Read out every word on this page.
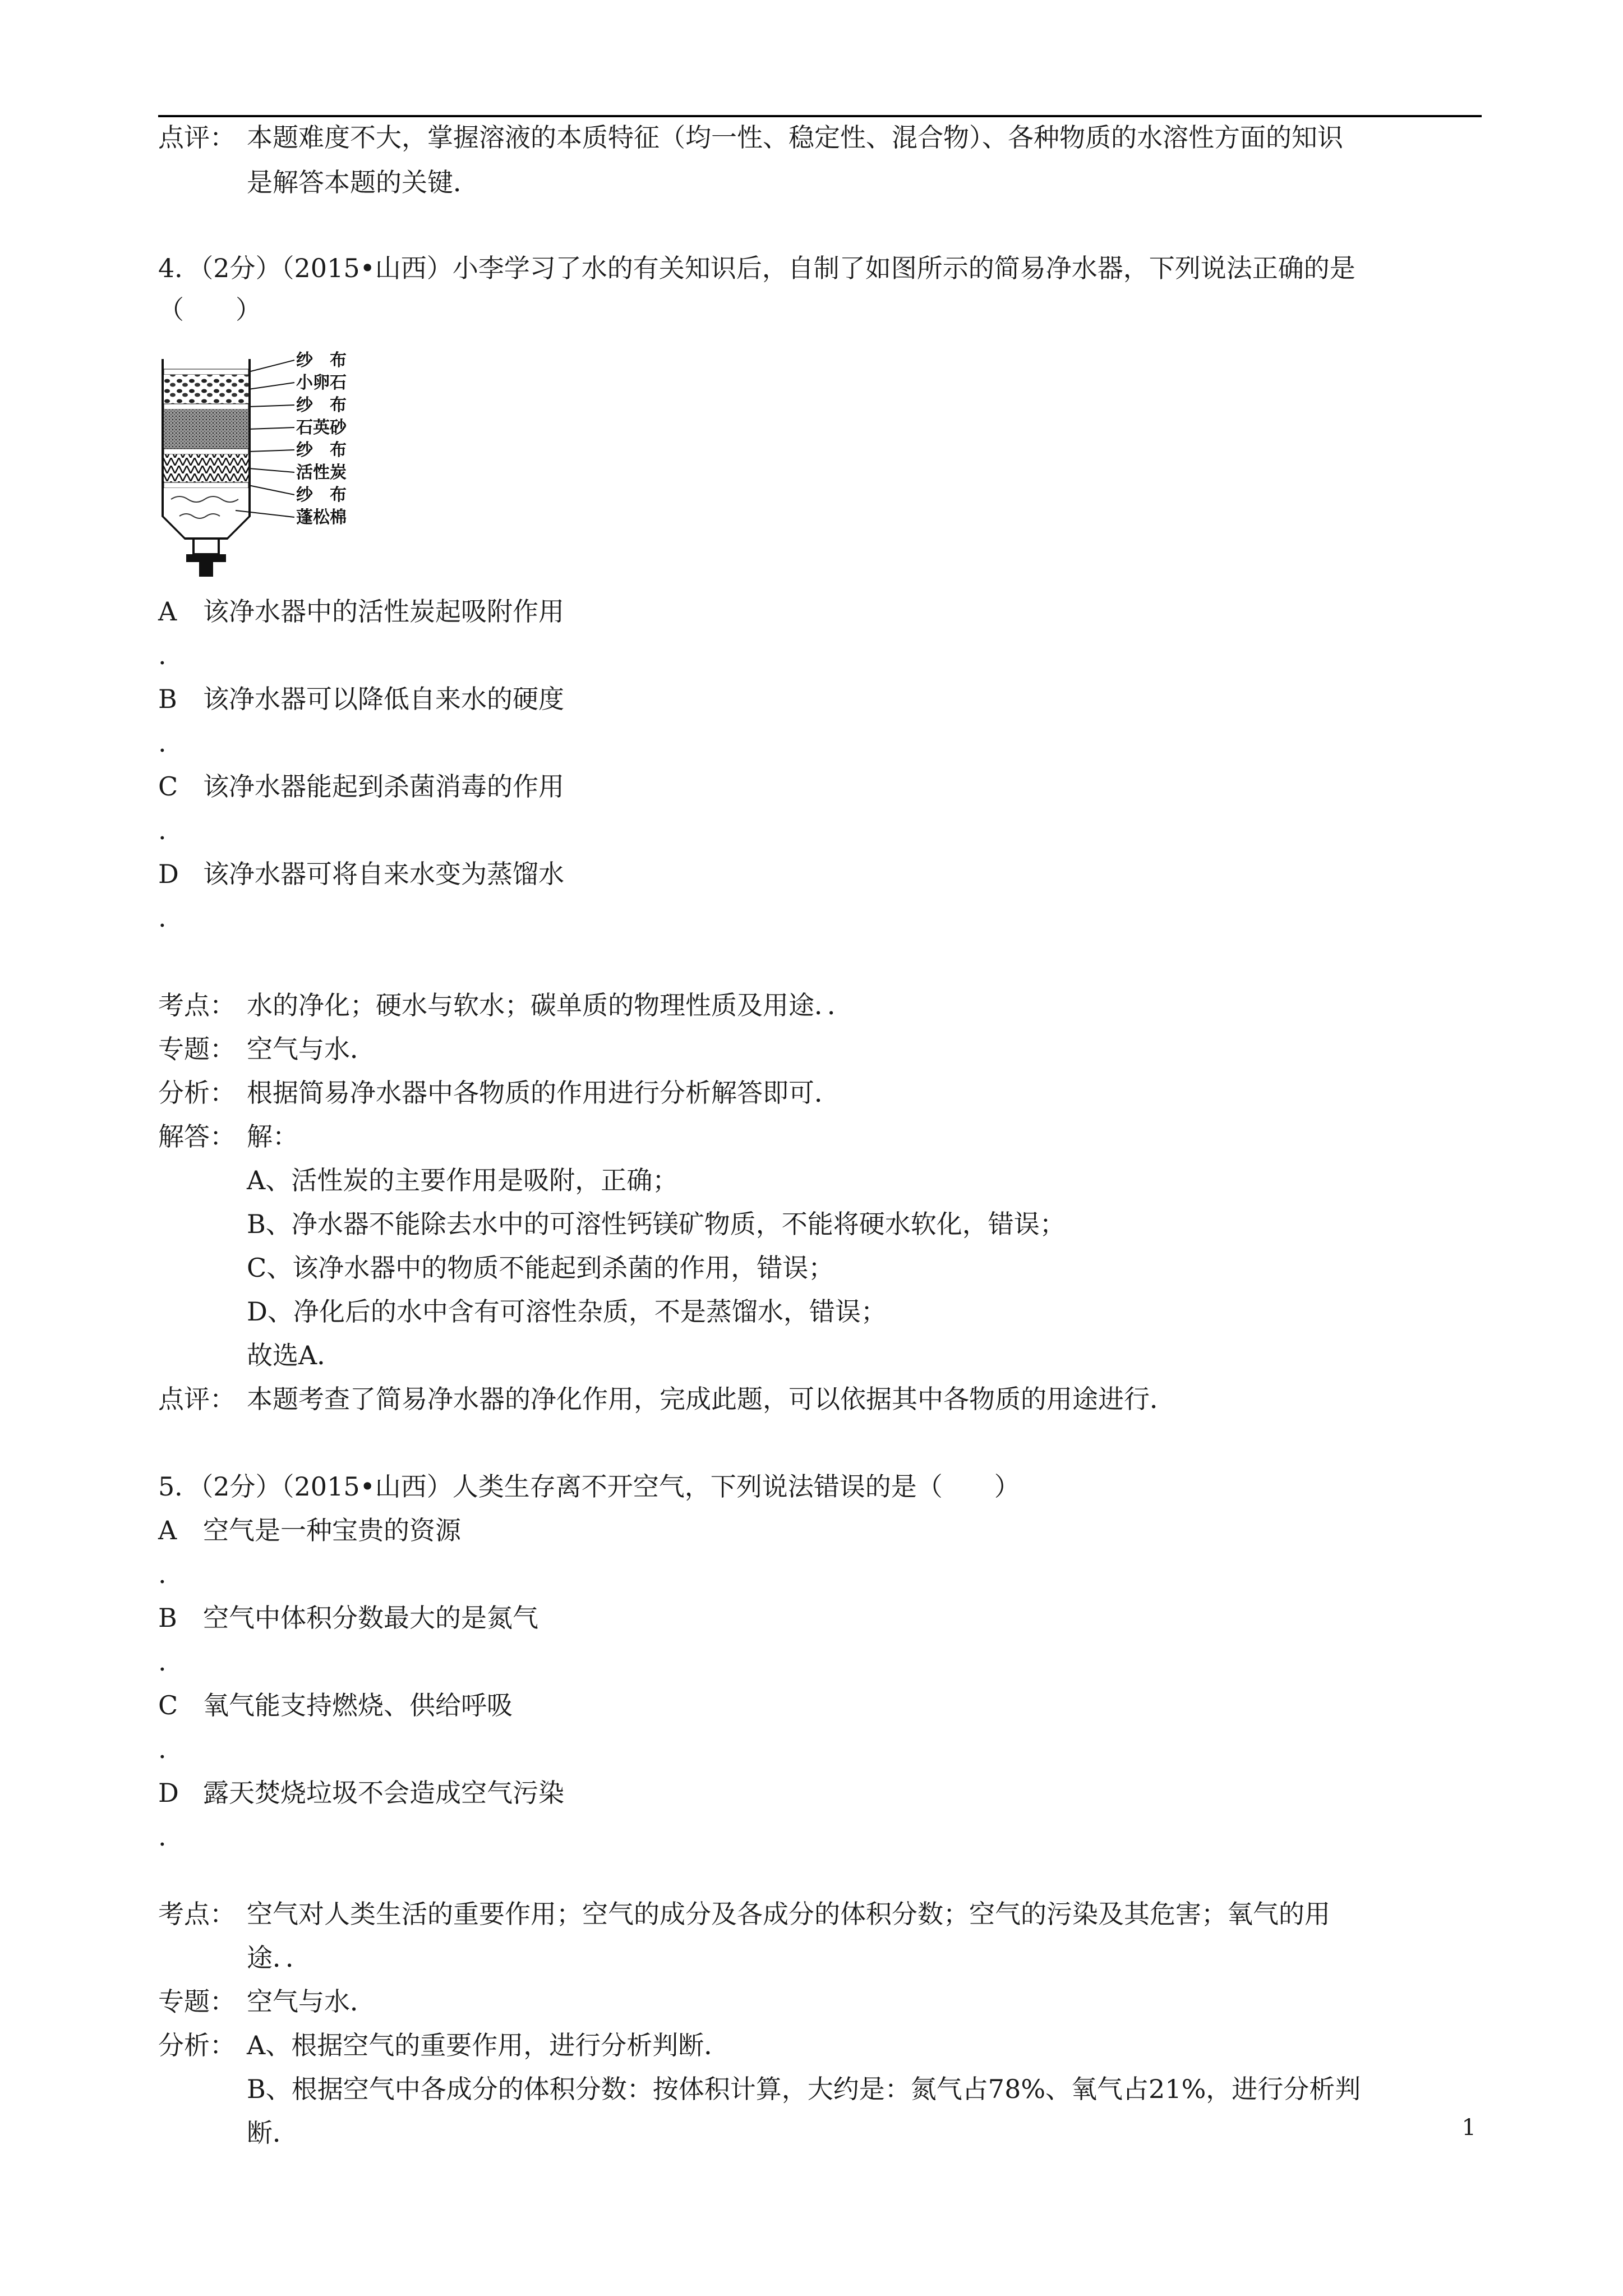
点评： 本题难度不大，掌握溶液的本质特征（均一性、稳定性、混合物）、各种物质的水溶性方面的知识
是解答本题的关键．
4．（2分）（2015•山西）小李学习了水的有关知识后，自制了如图所示的简易净水器，下列说法正确的是
（　　）
纱　布
小卵石
纱　布
石英砂
纱　布
活性炭
纱　布
蓬松棉
A 该净水器中的活性炭起吸附作用
.
B 该净水器可以降低自来水的硬度
.
C 该净水器能起到杀菌消毒的作用
.
D 该净水器可将自来水变为蒸馏水
.
考点： 水的净化；硬水与软水；碳单质的物理性质及用途．．
专题： 空气与水．
分析： 根据简易净水器中各物质的作用进行分析解答即可．
解答： 解：
A、活性炭的主要作用是吸附，正确；
B、净水器不能除去水中的可溶性钙镁矿物质，不能将硬水软化，错误；
C、该净水器中的物质不能起到杀菌的作用，错误；
D、净化后的水中含有可溶性杂质，不是蒸馏水，错误；
故选A．
点评： 本题考查了简易净水器的净化作用，完成此题，可以依据其中各物质的用途进行．
5．（2分）（2015•山西）人类生存离不开空气，下列说法错误的是（　　）
A 空气是一种宝贵的资源
.
B 空气中体积分数最大的是氮气
.
C 氧气能支持燃烧、供给呼吸
.
D 露天焚烧垃圾不会造成空气污染
.
考点： 空气对人类生活的重要作用；空气的成分及各成分的体积分数；空气的污染及其危害；氧气的用
途．．
专题： 空气与水．
分析： A、根据空气的重要作用，进行分析判断．
B、根据空气中各成分的体积分数：按体积计算，大约是：氮气占78%、氧气占21%，进行分析判
断．	1
